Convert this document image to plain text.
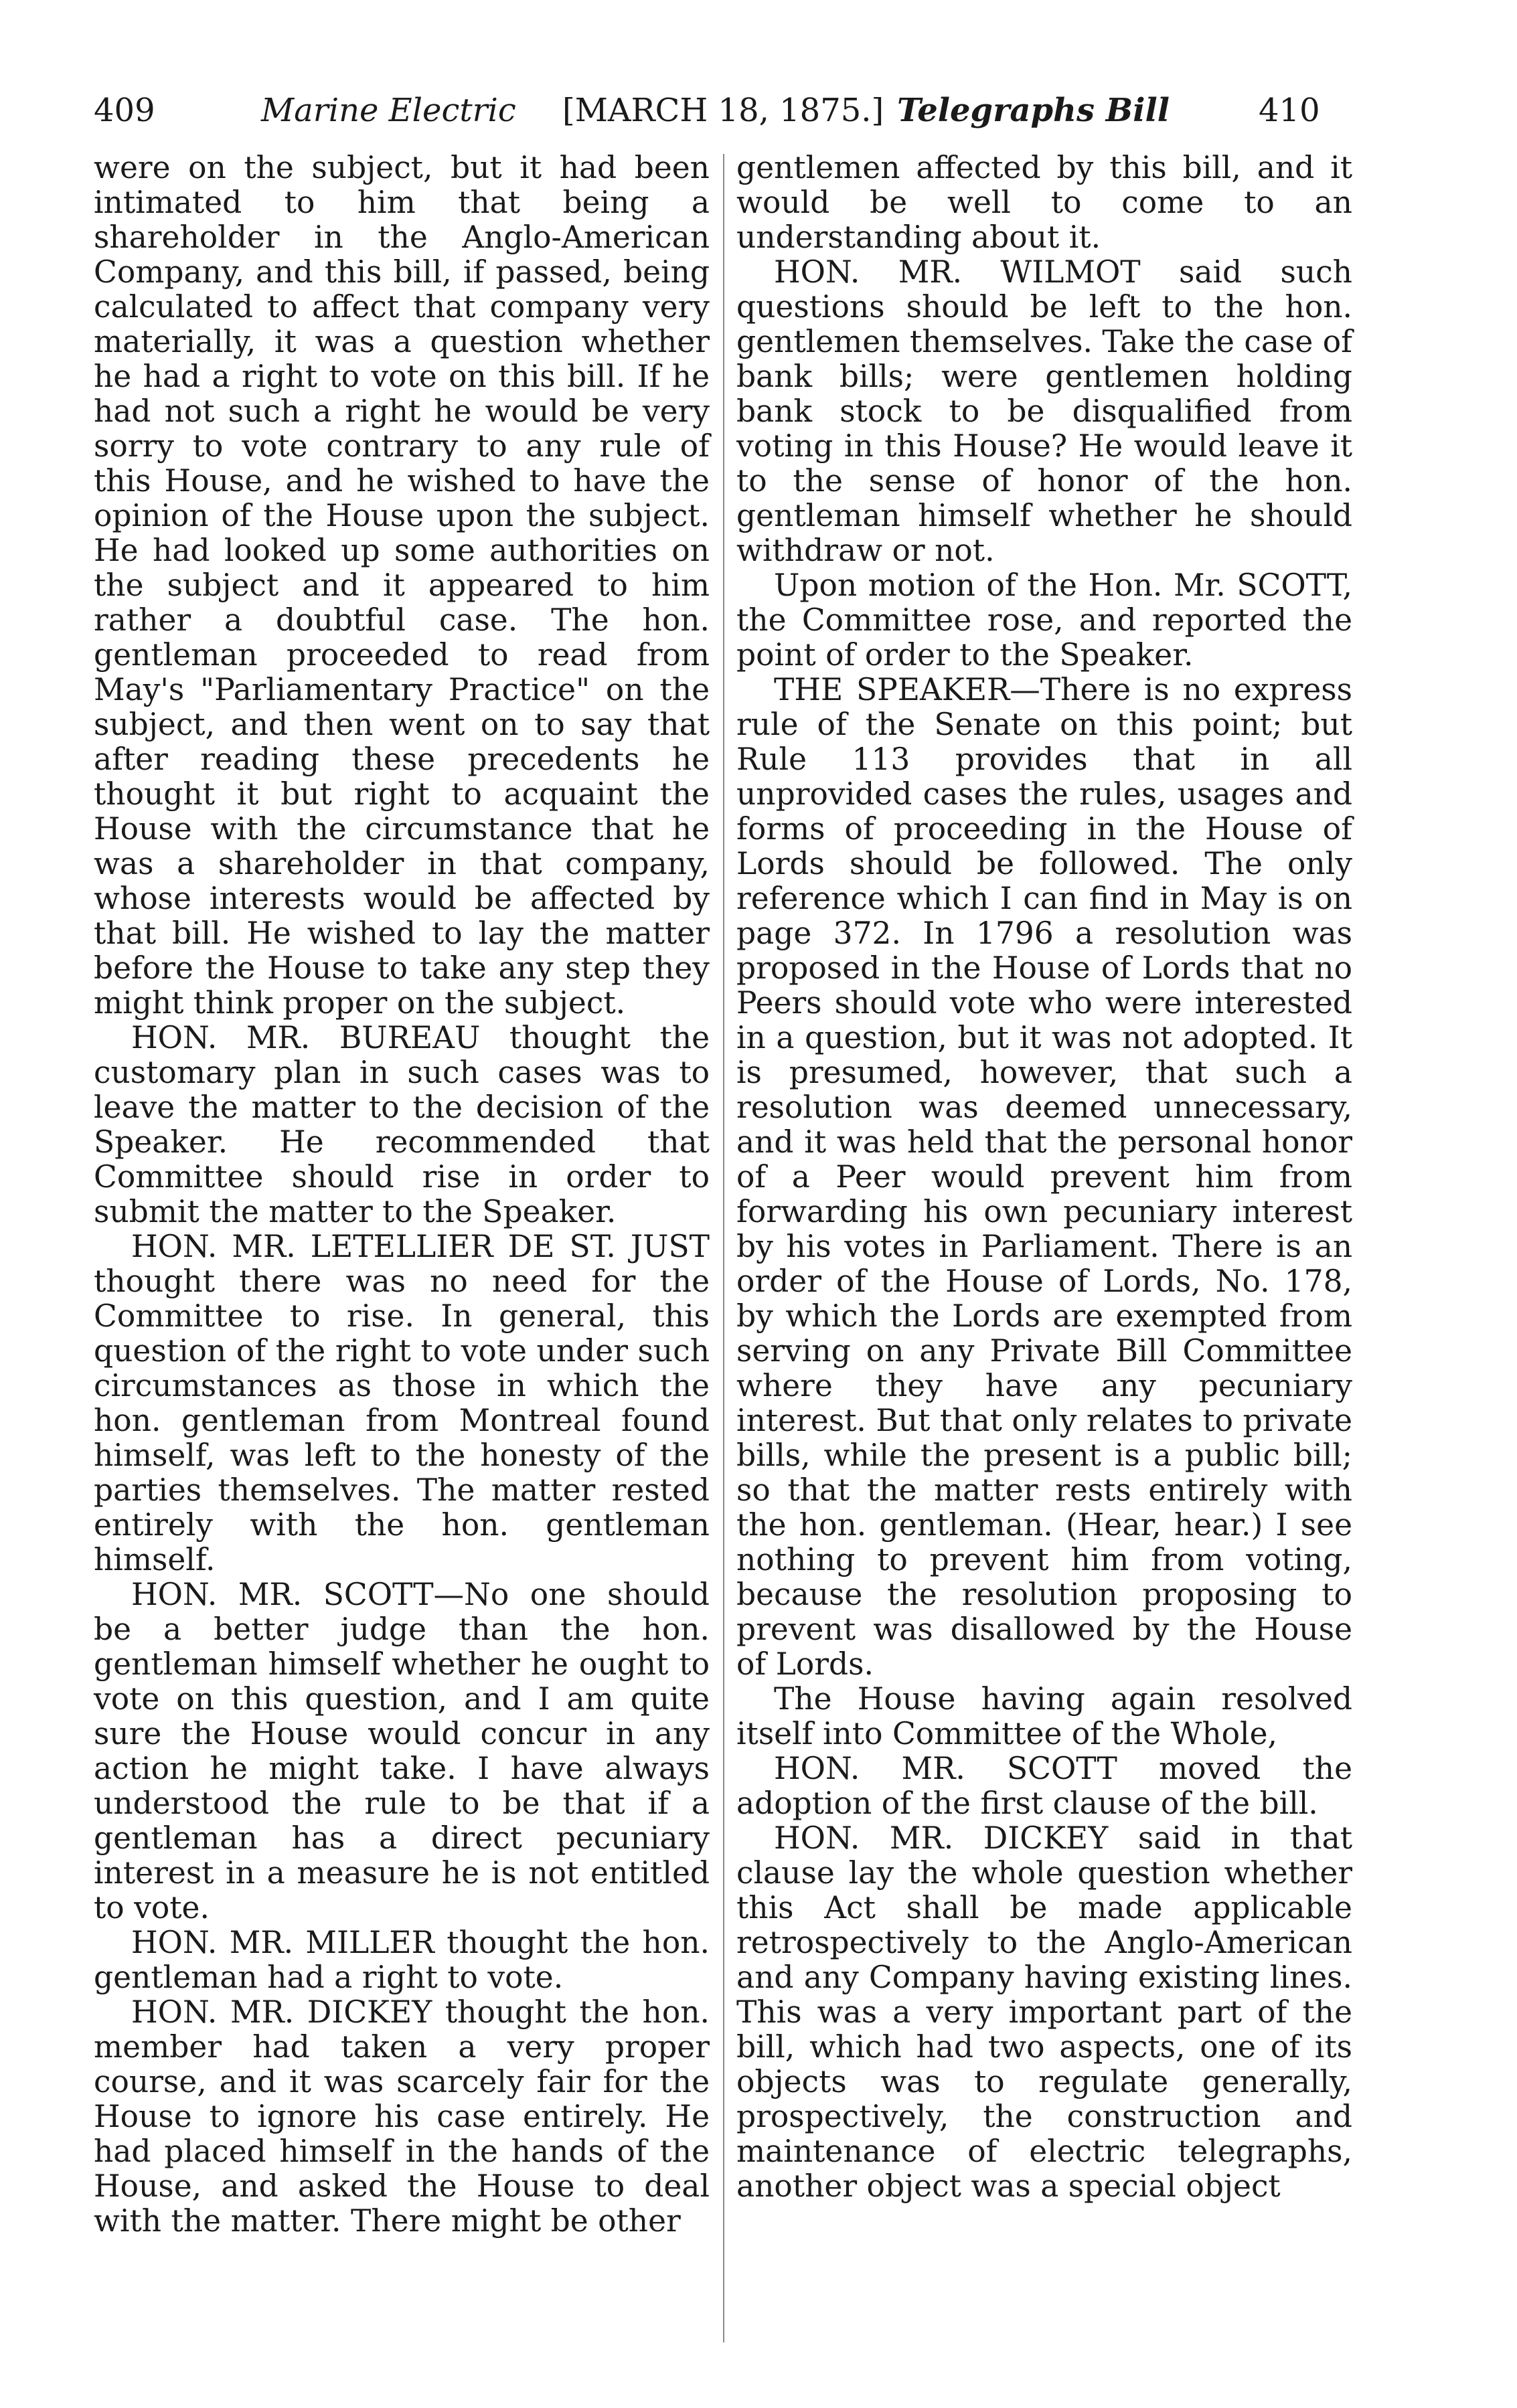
409	Marine Electric [MARCH 18, 1875.] Telegraphs Bill	410

were on the subject, but it had been intimated to him that being a shareholder in the Anglo-American Company, and this bill, if passed, being calculated to affect that company very materially, it was a question whether he had a right to vote on this bill. If he had not such a right he would be very sorry to vote contrary to any rule of this House, and he wished to have the opinion of the House upon the subject. He had looked up some authorities on the subject and it appeared to him rather a doubtful case. The hon. gentleman proceeded to read from May's "Parliamentary Practice" on the subject, and then went on to say that after reading these precedents he thought it but right to acquaint the House with the circumstance that he was a shareholder in that company, whose interests would be affected by that bill. He wished to lay the matter before the House to take any step they might think proper on the subject.

HON. MR. BUREAU thought the customary plan in such cases was to leave the matter to the decision of the Speaker. He recommended that Committee should rise in order to submit the matter to the Speaker.

HON. MR. LETELLIER DE ST. JUST thought there was no need for the Committee to rise. In general, this question of the right to vote under such circumstances as those in which the hon. gentleman from Montreal found himself, was left to the honesty of the parties themselves. The matter rested entirely with the hon. gentleman himself.

HON. MR. SCOTT—No one should be a better judge than the hon. gentleman himself whether he ought to vote on this question, and I am quite sure the House would concur in any action he might take. I have always understood the rule to be that if a gentleman has a direct pecuniary interest in a measure he is not entitled to vote.

HON. MR. MILLER thought the hon. gentleman had a right to vote.

HON. MR. DICKEY thought the hon. member had taken a very proper course, and it was scarcely fair for the House to ignore his case entirely. He had placed himself in the hands of the House, and asked the House to deal with the matter. There might be other

gentlemen affected by this bill, and it would be well to come to an understanding about it.

HON. MR. WILMOT said such questions should be left to the hon. gentlemen themselves. Take the case of bank bills; were gentlemen holding bank stock to be disqualified from voting in this House? He would leave it to the sense of honor of the hon. gentleman himself whether he should withdraw or not.

Upon motion of the Hon. Mr. SCOTT, the Committee rose, and reported the point of order to the Speaker.

THE SPEAKER—There is no express rule of the Senate on this point; but Rule 113 provides that in all unprovided cases the rules, usages and forms of proceeding in the House of Lords should be followed. The only reference which I can find in May is on page 372. In 1796 a resolution was proposed in the House of Lords that no Peers should vote who were interested in a question, but it was not adopted. It is presumed, however, that such a resolution was deemed unnecessary, and it was held that the personal honor of a Peer would prevent him from forwarding his own pecuniary interest by his votes in Parliament. There is an order of the House of Lords, No. 178, by which the Lords are exempted from serving on any Private Bill Committee where they have any pecuniary interest. But that only relates to private bills, while the present is a public bill; so that the matter rests entirely with the hon. gentleman. (Hear, hear.) I see nothing to prevent him from voting, because the resolution proposing to prevent was disallowed by the House of Lords.

The House having again resolved itself into Committee of the Whole,

HON. MR. SCOTT moved the adoption of the first clause of the bill.

HON. MR. DICKEY said in that clause lay the whole question whether this Act shall be made applicable retrospectively to the Anglo-American and any Company having existing lines. This was a very important part of the bill, which had two aspects, one of its objects was to regulate generally, prospectively, the construction and maintenance of electric telegraphs, another object was a special object
